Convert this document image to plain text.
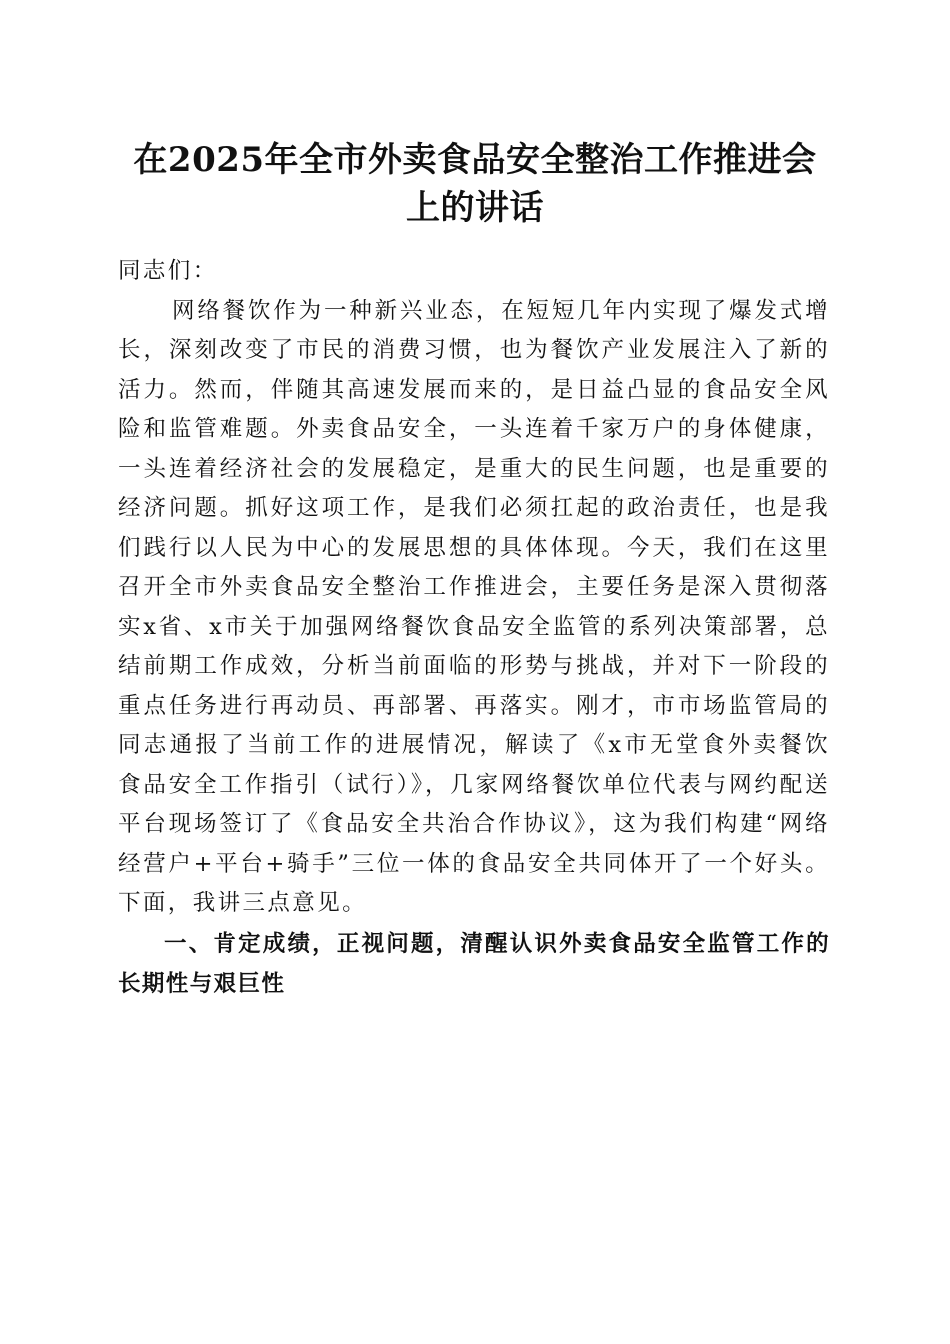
在2025年全市外卖食品安全整治工作推进会
上的讲话

同志们：

网络餐饮作为一种新兴业态，在短短几年内实现了爆发式增长，深刻改变了市民的消费习惯，也为餐饮产业发展注入了新的活力。然而，伴随其高速发展而来的，是日益凸显的食品安全风险和监管难题。外卖食品安全，一头连着千家万户的身体健康，一头连着经济社会的发展稳定，是重大的民生问题，也是重要的经济问题。抓好这项工作，是我们必须扛起的政治责任，也是我们践行以人民为中心的发展思想的具体体现。今天，我们在这里召开全市外卖食品安全整治工作推进会，主要任务是深入贯彻落实x省、x市关于加强网络餐饮食品安全监管的系列决策部署，总结前期工作成效，分析当前面临的形势与挑战，并对下一阶段的重点任务进行再动员、再部署、再落实。刚才，市市场监管局的同志通报了当前工作的进展情况，解读了《x市无堂食外卖餐饮食品安全工作指引（试行）》，几家网络餐饮单位代表与网约配送平台现场签订了《食品安全共治合作协议》，这为我们构建“网络经营户+平台+骑手”三位一体的食品安全共同体开了一个好头。下面，我讲三点意见。

一、肯定成绩，正视问题，清醒认识外卖食品安全监管工作的长期性与艰巨性
